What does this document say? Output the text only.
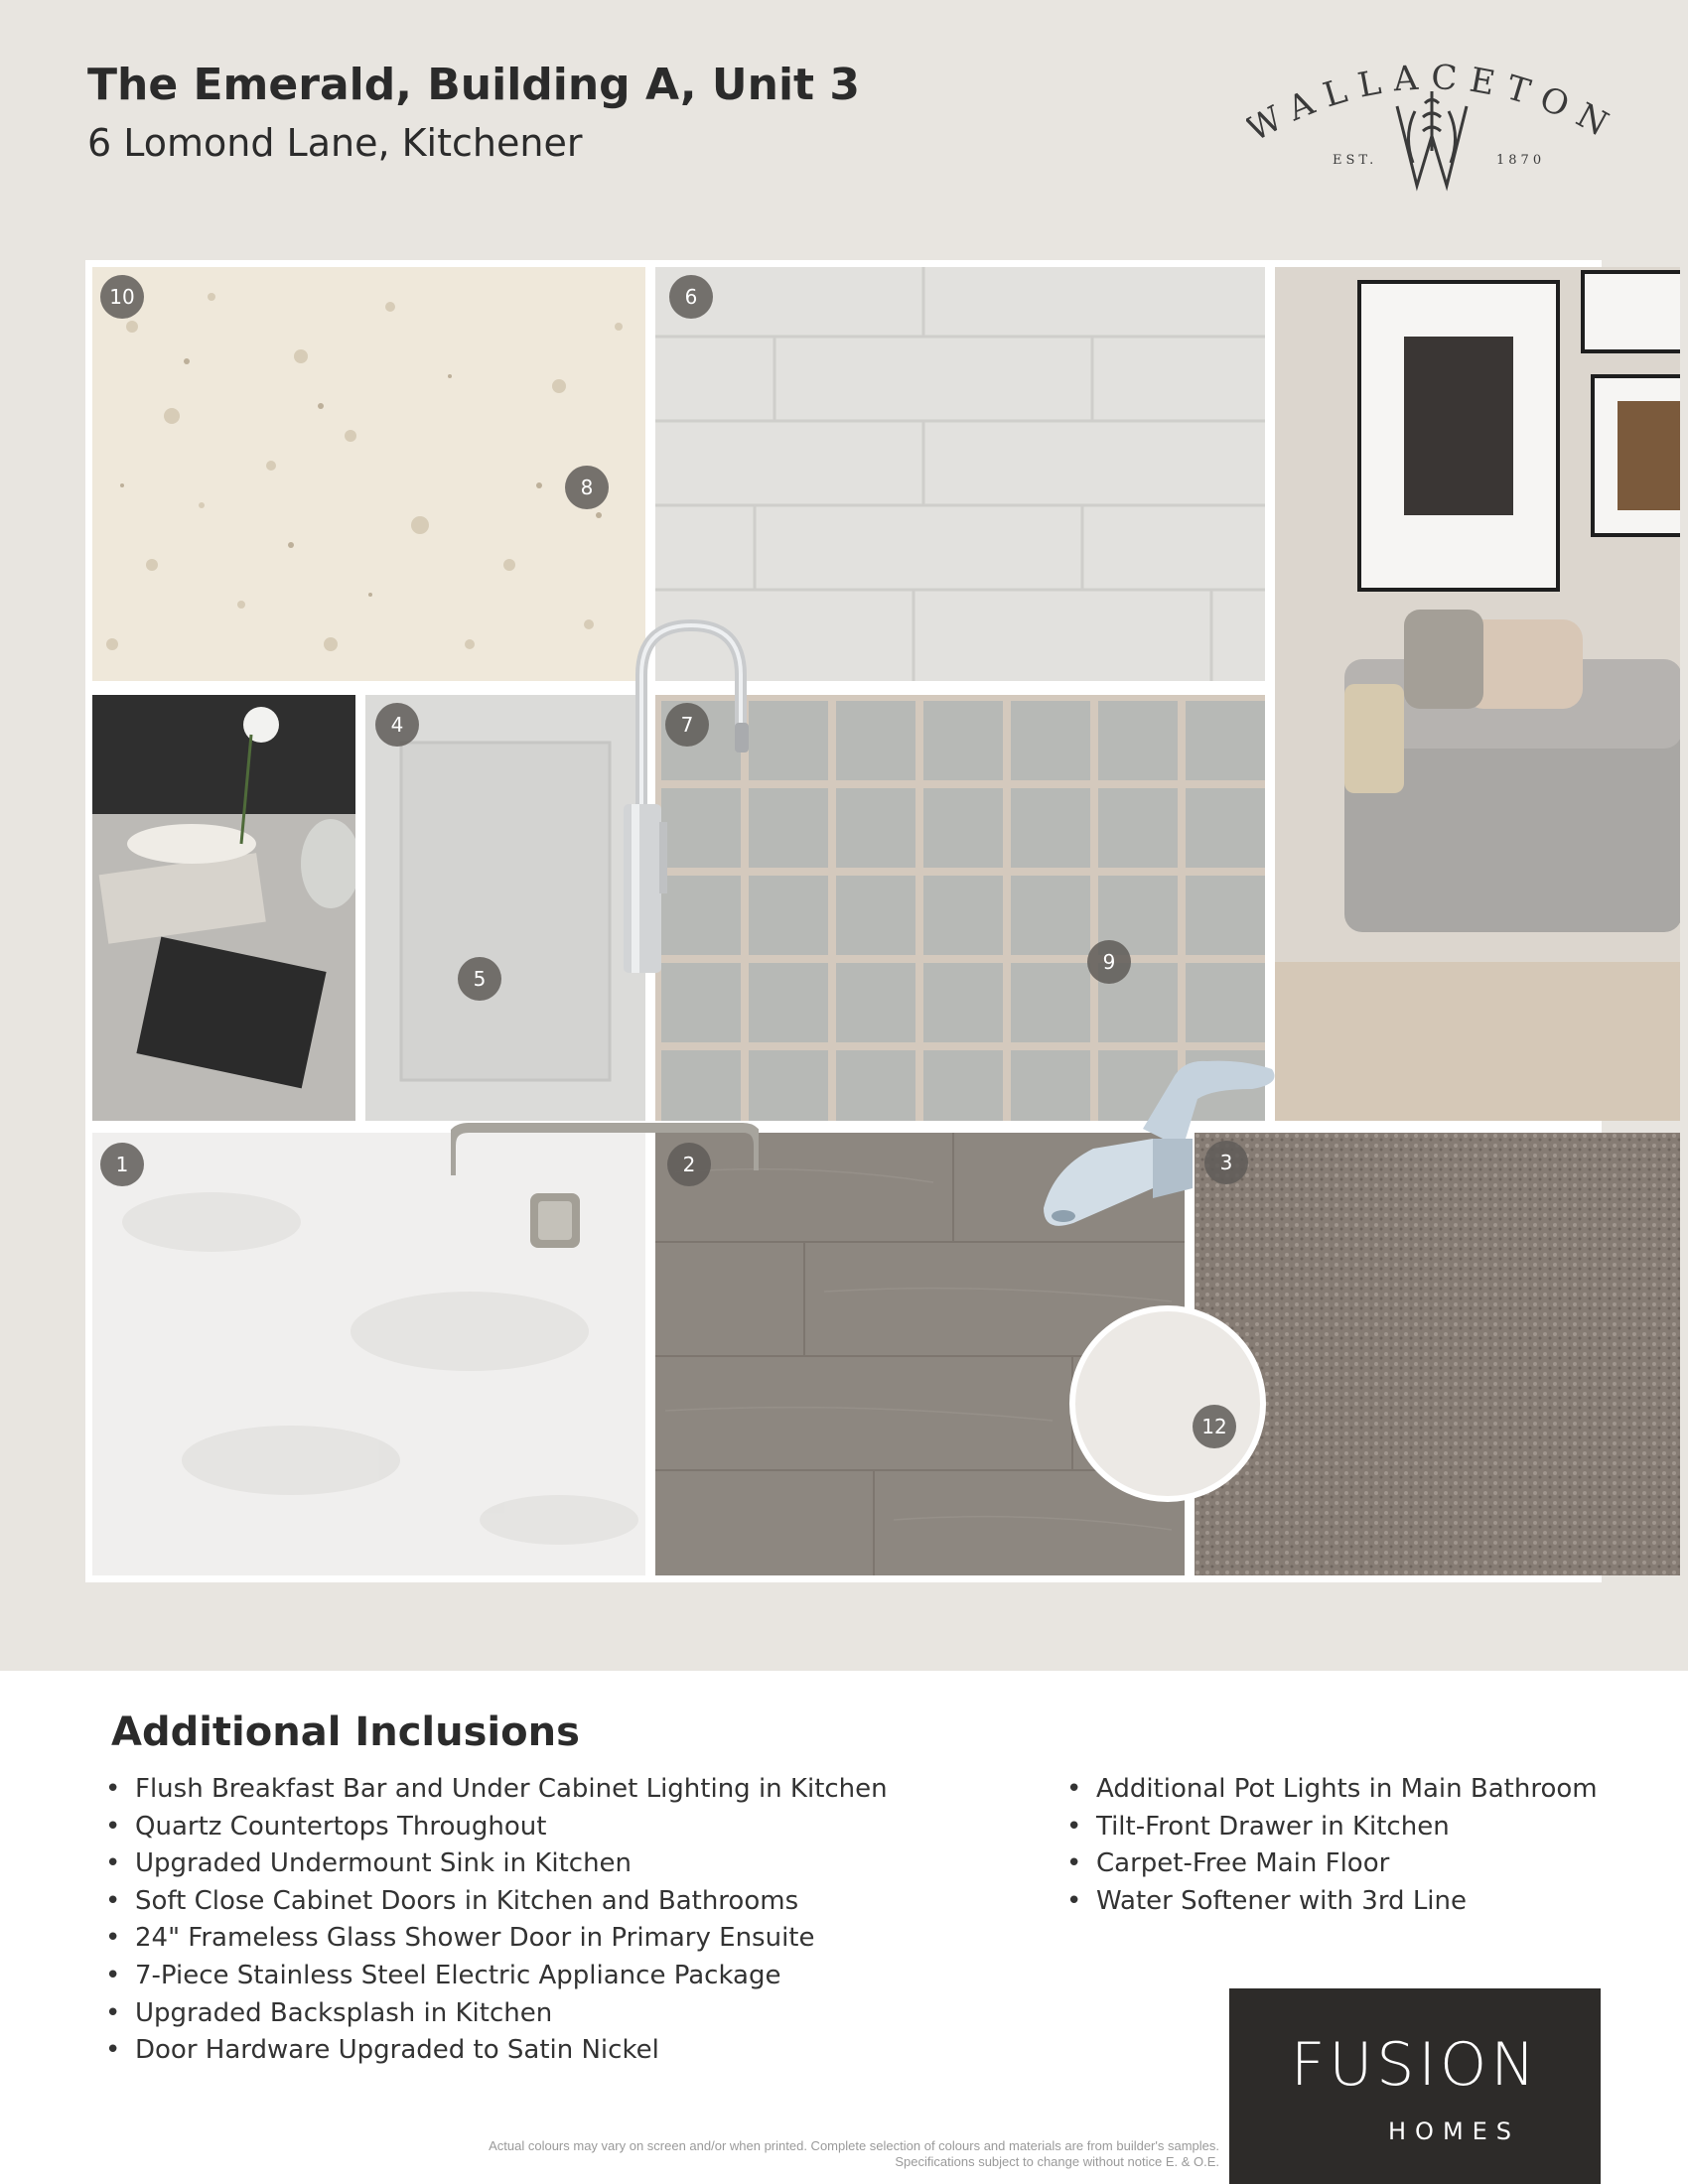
The Emerald, Building A, Unit 3
6 Lomond Lane, Kitchener
ALLACETO
EST.	1870
10	6
4	7
1	2	3
12
8
5
9
Additional Inclusions
• Flush Breakfast Bar and Under Cabinet Lighting in Kitchen
• Quartz Countertops Throughout
• Upgraded Undermount Sink in Kitchen
• Soft Close Cabinet Doors in Kitchen and Bathrooms
• 24" Frameless Glass Shower Door in Primary Ensuite
• 7-Piece Stainless Steel Electric Appliance Package
• Upgraded Backsplash in Kitchen
• Door Hardware Upgraded to Satin Nickel
• Additional Pot Lights in Main Bathroom
• Tilt-Front Drawer in Kitchen
• Carpet-Free Main Floor
• Water Softener with 3rd Line
Actual colours may vary on screen and/or when printed. Complete selection of colours and materials are from builder's samples.
Specifications subject to change without notice E. & O.E.
FUSION
HOMES
